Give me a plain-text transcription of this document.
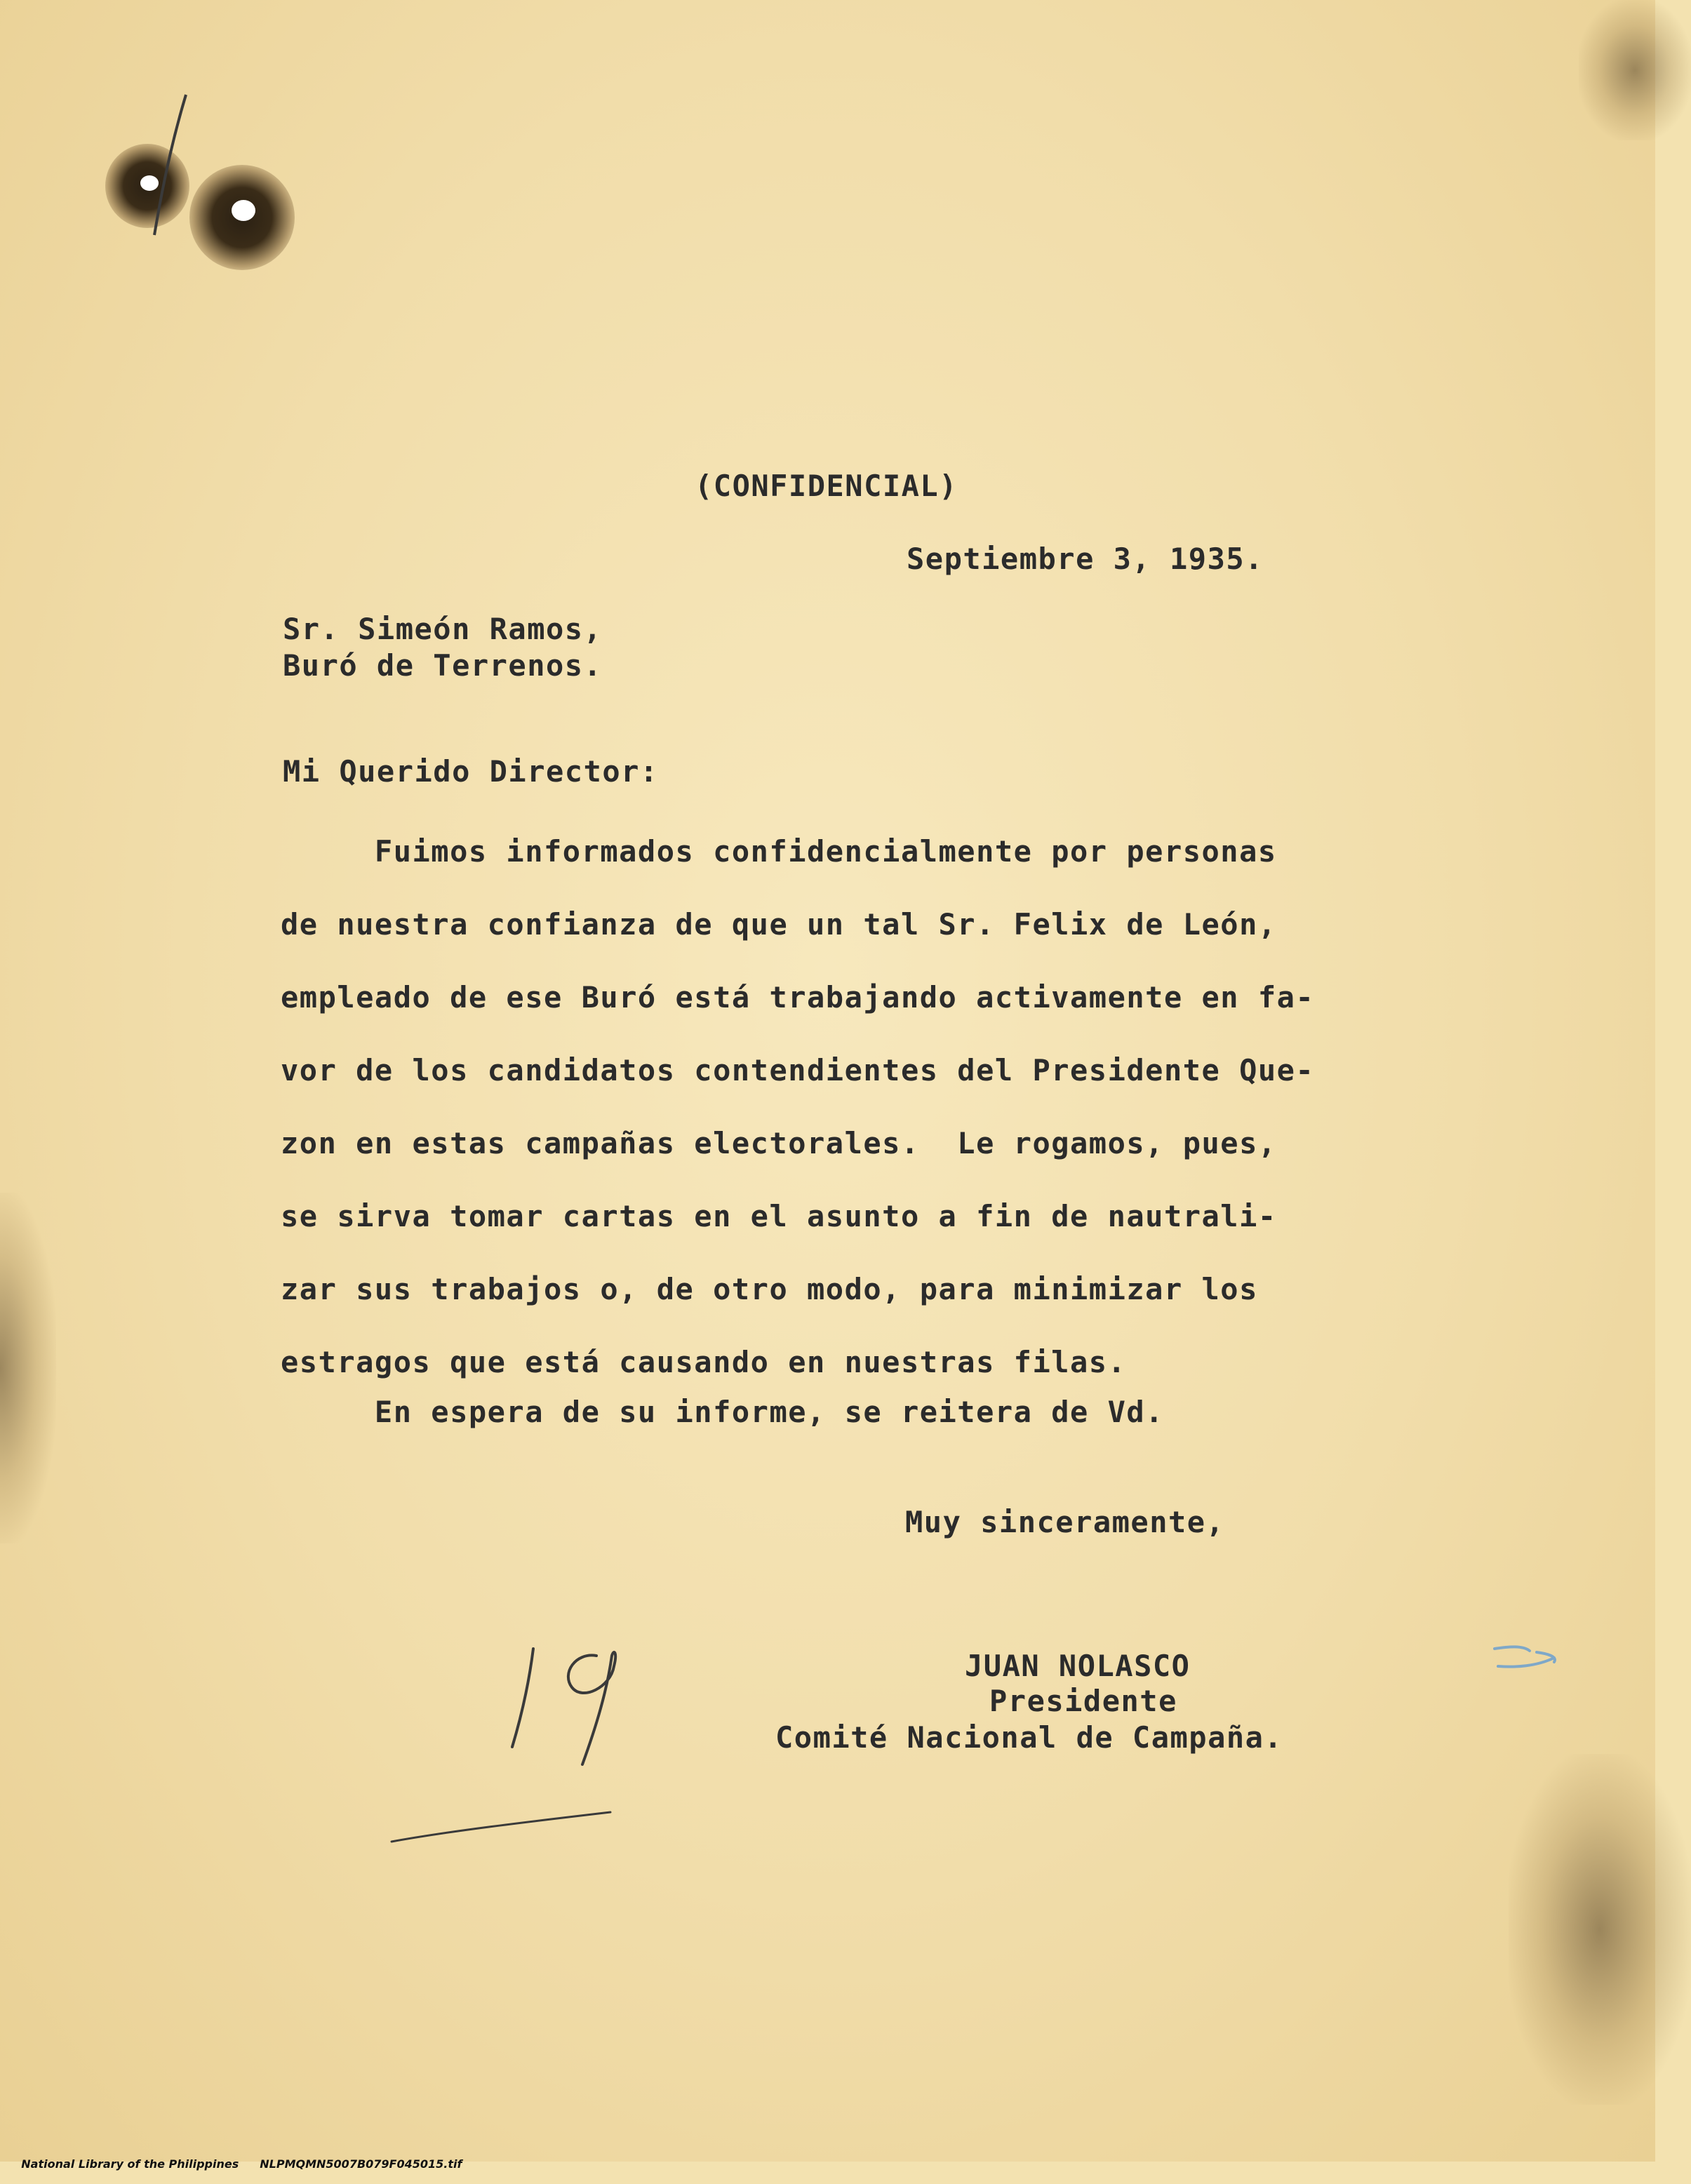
(CONFIDENCIAL)
Septiembre 3, 1935.
Sr. Simeón Ramos,
Buró de Terrenos.
Mi Querido Director:
Fuimos informados confidencialmente por personas
de nuestra confianza de que un tal Sr. Felix de León,
empleado de ese Buró está trabajando activamente en fa-
vor de los candidatos contendientes del Presidente Que-
zon en estas campañas electorales.  Le rogamos, pues,
se sirva tomar cartas en el asunto a fin de nautrali-
zar sus trabajos o, de otro modo, para minimizar los
estragos que está causando en nuestras filas.
En espera de su informe, se reitera de Vd.
Muy sinceramente,
JUAN NOLASCO
Presidente
Comité Nacional de Campaña.

National Library of the Philippines NLPMQMN5007B079F045015.tif
